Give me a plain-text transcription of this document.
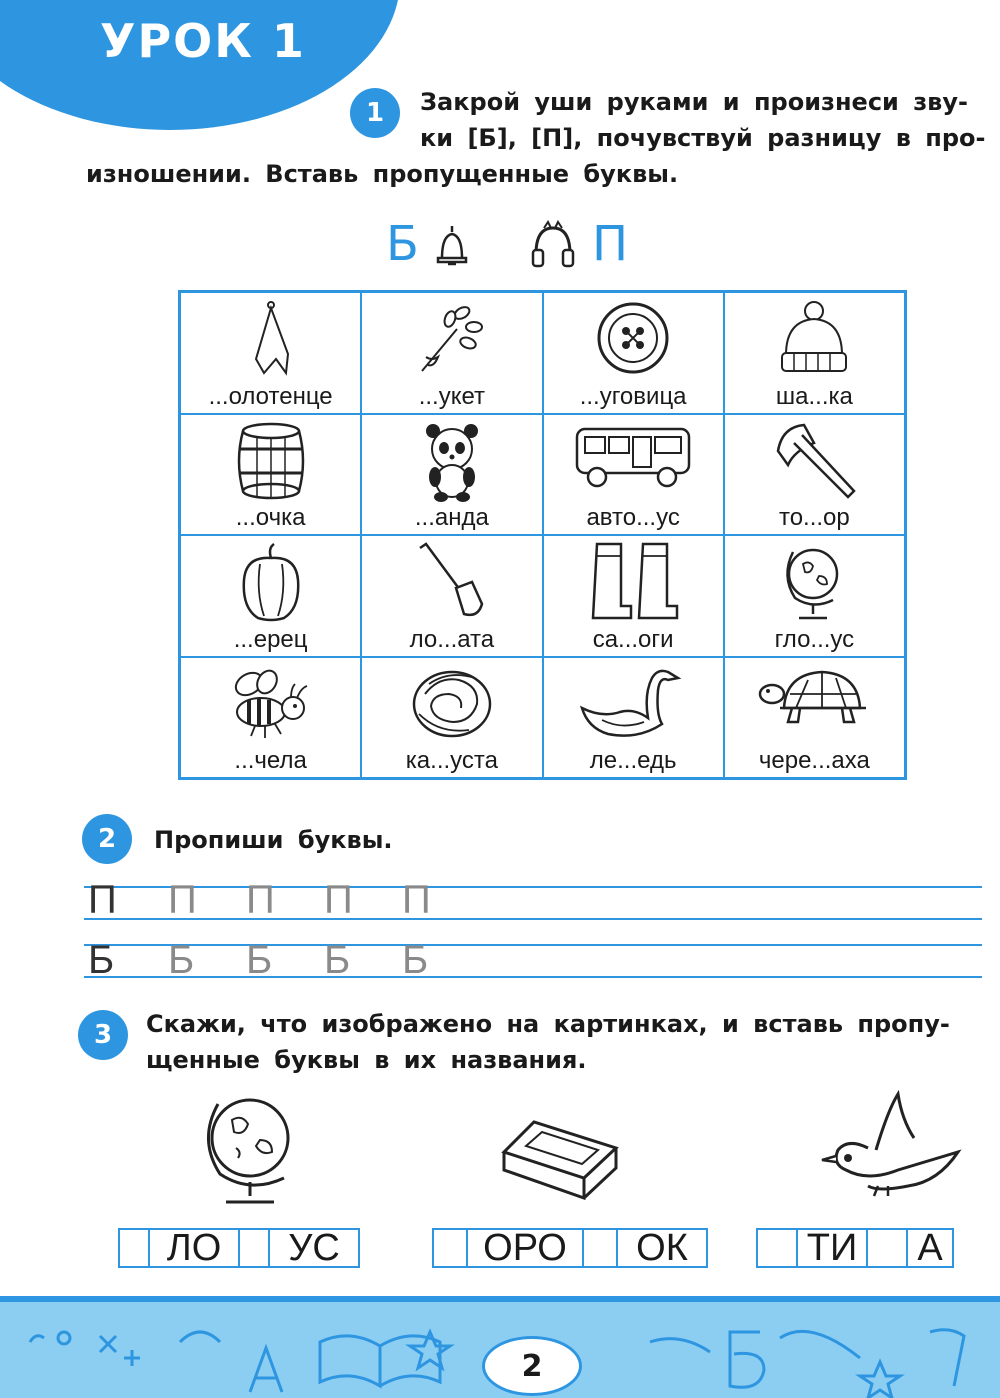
УРОК 1
1	Закрой уши руками и произнеси зву-
ки [Б], [П], почувствуй разницу в про-
изношении. Вставь пропущенные буквы.
Б	П
...олотенце	...укет	...уговица	ша...ка
...очка	...анда	авто...ус	то...ор
...ерец	ло...ата	са...оги	гло...ус
...чела	ка...уста	ле...едь	чере...аха
2	Пропиши буквы.
П П П П П
Б Б Б Б Б
3	Скажи, что изображено на картинках, и вставь пропу-
щенные буквы в их названия.
ЛО	УС	ОРО	ОК	ТИ А
2
